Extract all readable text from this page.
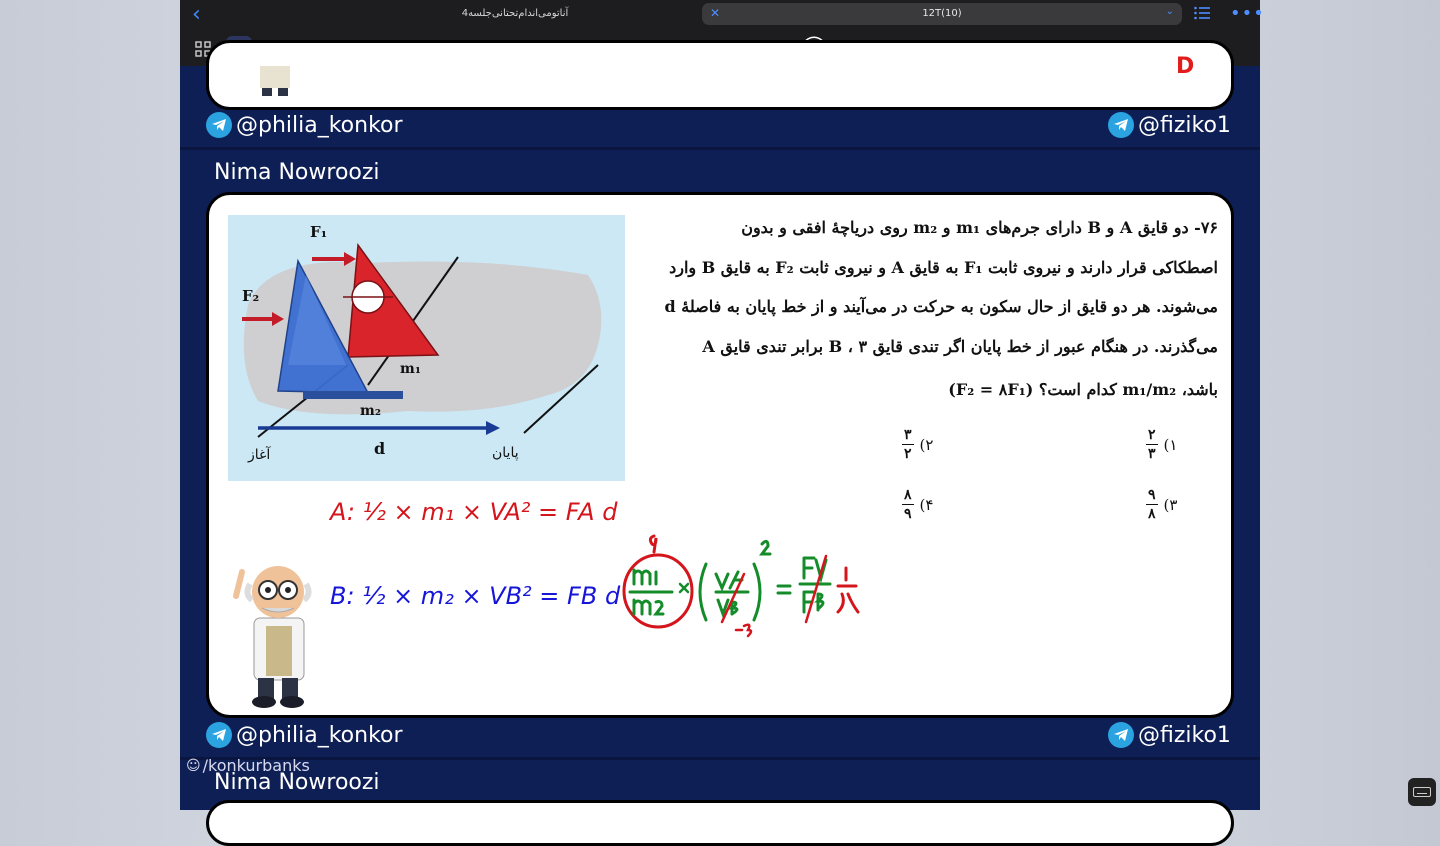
‹	آناتومی‌اندام‌تحتانی‌جلسه4	✕	12T(10)	⌄	•••
D
@philia_konkor	@fiziko1
Nima Nowroozi
F₁
F₂
m₁
m₂
d
آغاز	پایان
۷۶- دو قایق A و B دارای جرم‌های m₁ و m₂ روی دریاچهٔ افقی و بدون
اصطکاکی قرار دارند و نیروی ثابت F₁ به قایق A و نیروی ثابت F₂ به قایق B وارد
می‌شوند. هر دو قایق از حال سکون به حرکت در می‌آیند و از خط پایان به فاصلهٔ d
می‌گذرند. در هنگام عبور از خط پایان اگر تندی قایق B ، ۳ برابر تندی قایق A
باشد، m₁/m₂ کدام است؟ (F₂ = ۸F₁)
۱)
$\frac{۲}{۳}$
۲)
$\frac{۳}{۲}$
۳)
$\frac{۹}{۸}$
۴)
$\frac{۸}{۹}$
A: ½ × m₁ × VA² = FA d
B: ½ × m₂ × VB² = FB d
@philia_konkor	@fiziko1
Nima Nowroozi
☺ /konkurbanks
